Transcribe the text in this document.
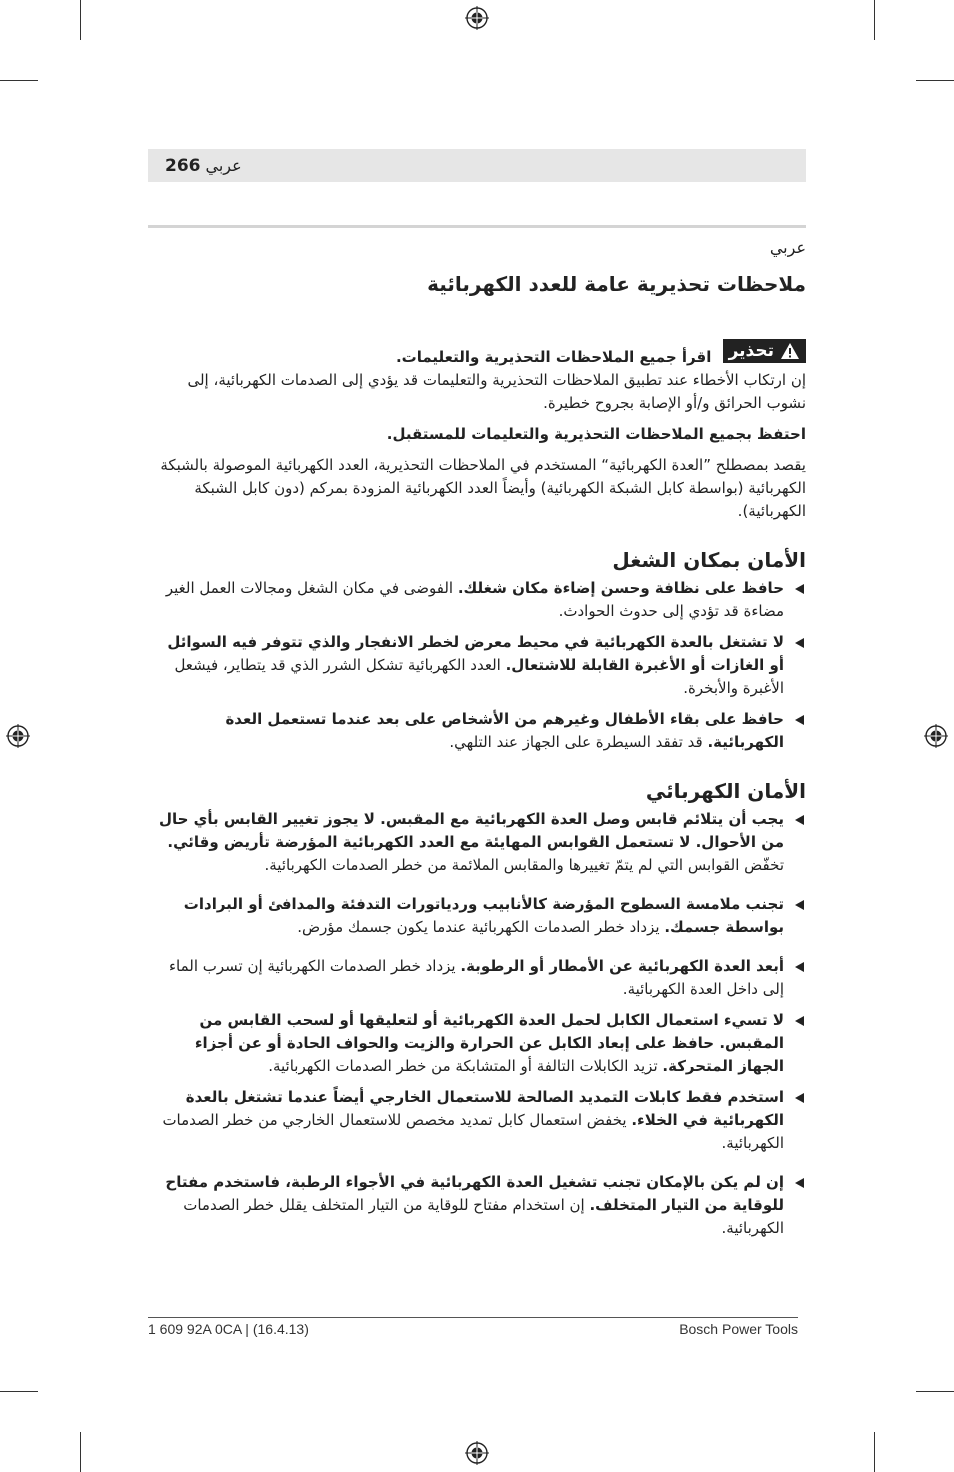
266 عربي
عربي
ملاحظات تحذيرية عامة للعدد الكهربائية
تحذير
اقرأ جميع الملاحظات التحذيرية والتعليمات.

إن ارتكاب الأخطاء عند تطبيق الملاحظات التحذيرية والتعليمات قد يؤدي إلى الصدمات الكهربائية، إلى نشوب الحرائق و/أو الإصابة بجروح خطيرة.

احتفظ بجميع الملاحظات التحذيرية والتعليمات للمستقبل.

يقصد بمصطلح ”العدة الكهربائية“ المستخدم في الملاحظات التحذيرية، العدد الكهربائية الموصولة بالشبكة الكهربائية (بواسطة كابل الشبكة الكهربائية) وأيضاً العدد الكهربائية المزودة بمركم (دون كابل الشبكة الكهربائية).

الأمان بمكان الشغل
حافظ على نظافة وحسن إضاءة مكان شغلك. الفوضى في مكان الشغل ومجالات العمل الغير مضاءة قد تؤدي إلى حدوث الحوادث.
لا تشتغل بالعدة الكهربائية في محيط معرض لخطر الانفجار والذي تتوفر فيه السوائل أو الغازات أو الأغبرة القابلة للاشتعال. العدد الكهربائية تشكل الشرر الذي قد يتطاير، فيشعل الأغبرة والأبخرة.
حافظ على بقاء الأطفال وغيرهم من الأشخاص على بعد عندما تستعمل العدة الكهربائية. قد تفقد السيطرة على الجهاز عند التلهي.
الأمان الكهربائي
يجب أن يتلائم قابس وصل العدة الكهربائية مع المقبس. لا يجوز تغيير القابس بأي حال من الأحوال. لا تستعمل القوابس المهايئة مع العدد الكهربائية المؤرضة تأريض وقائي. تخفّض القوابس التي لم يتمّ تغييرها والمقابس الملائمة من خطر الصدمات الكهربائية.
تجنب ملامسة السطوح المؤرضة كالأنابيب وردياتورات التدفئة والمدافئ أو البرادات بواسطة جسمك. يزداد خطر الصدمات الكهربائية عندما يكون جسمك مؤرض.
أبعد العدة الكهربائية عن الأمطار أو الرطوبة. يزداد خطر الصدمات الكهربائية إن تسرب الماء إلى داخل العدة الكهربائية.
لا تسيء استعمال الكابل لحمل العدة الكهربائية أو لتعليقها أو لسحب القابس من المقبس. حافظ على إبعاد الكابل عن الحرارة والزيت والحواف الحادة أو عن أجزاء الجهاز المتحركة. تزيد الكابلات التالفة أو المتشابكة من خطر الصدمات الكهربائية.
استخدم فقط كابلات التمديد الصالحة للاستعمال الخارجي أيضاً عندما تشتغل بالعدة الكهربائية في الخلاء. يخفض استعمال كابل تمديد مخصص للاستعمال الخارجي من خطر الصدمات الكهربائية.
إن لم يكن بالإمكان تجنب تشغيل العدة الكهربائية في الأجواء الرطبة، فاستخدم مفتاح للوقاية من التيار المتخلف. إن استخدام مفتاح للوقاية من التيار المتخلف يقلل خطر الصدمات الكهربائية.
1 609 92A 0CA | (16.4.13)	Bosch Power Tools
